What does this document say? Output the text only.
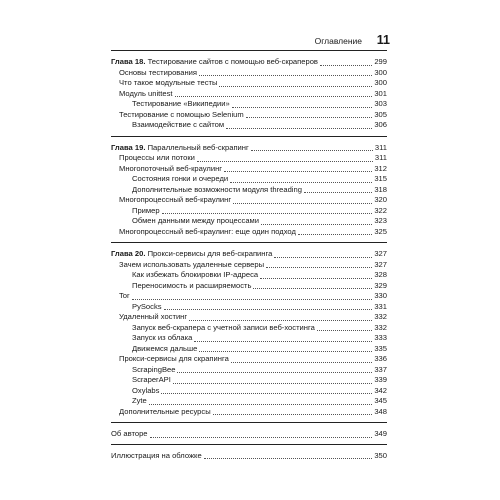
Оглавление 11
Глава 18. Тестирование сайтов с помощью веб-скраперов	299
Основы тестирования	300
Что такое модульные тесты	300
Модуль unittest	301
Тестирование «Википедии»	303
Тестирование с помощью Selenium	305
Взаимодействие с сайтом	306
Глава 19. Параллельный веб-скрапинг	311
Процессы или потоки	311
Многопоточный веб-краулинг	312
Состояния гонки и очереди	315
Дополнительные возможности модуля threading	318
Многопроцессный веб-краулинг	320
Пример	322
Обмен данными между процессами	323
Многопроцессный веб-краулинг: еще один подход	325
Глава 20. Прокси-сервисы для веб-скрапинга	327
Зачем использовать удаленные серверы	327
Как избежать блокировки IP-адреса	328
Переносимость и расширяемость	329
Tor	330
PySocks	331
Удаленный хостинг	332
Запуск веб-скрапера с учетной записи веб-хостинга	332
Запуск из облака	333
Движемся дальше	335
Прокси-сервисы для скрапинга	336
ScrapingBee	337
ScraperAPI	339
Oxylabs	342
Zyte	345
Дополнительные ресурсы	348
Об авторе	349
Иллюстрация на обложке	350
